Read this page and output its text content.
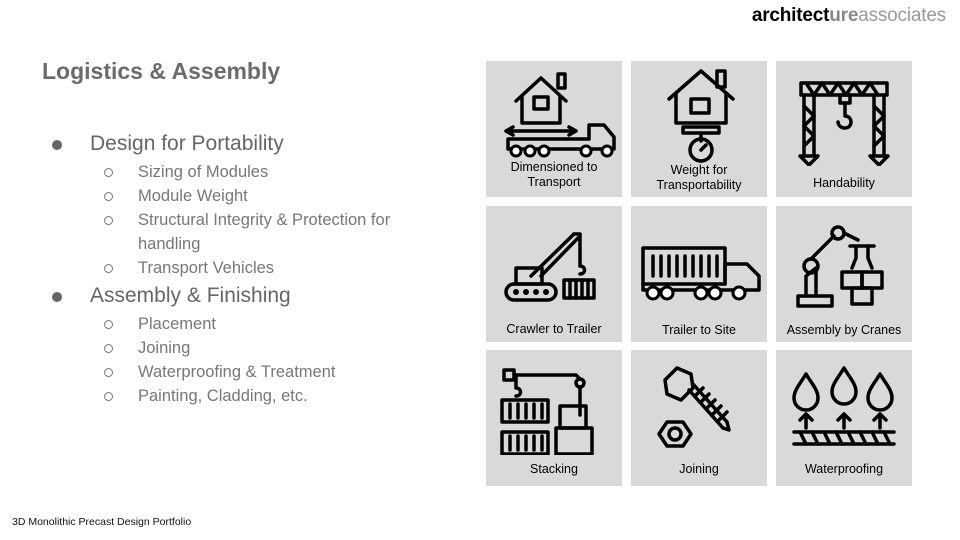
architectureassociates
Logistics & Assembly
Design for Portability
Sizing of Modules
Module Weight
Structural Integrity & Protection for handling
Transport Vehicles
Assembly & Finishing
Placement
Joining
Waterproofing & Treatment
Painting, Cladding, etc.
Dimensioned to Transport
Weight for Transportability	Handability
Crawler to Trailer	Trailer to Site	Assembly by Cranes
Stacking	Joining	Waterproofing
3D Monolithic Precast Design Portfolio
